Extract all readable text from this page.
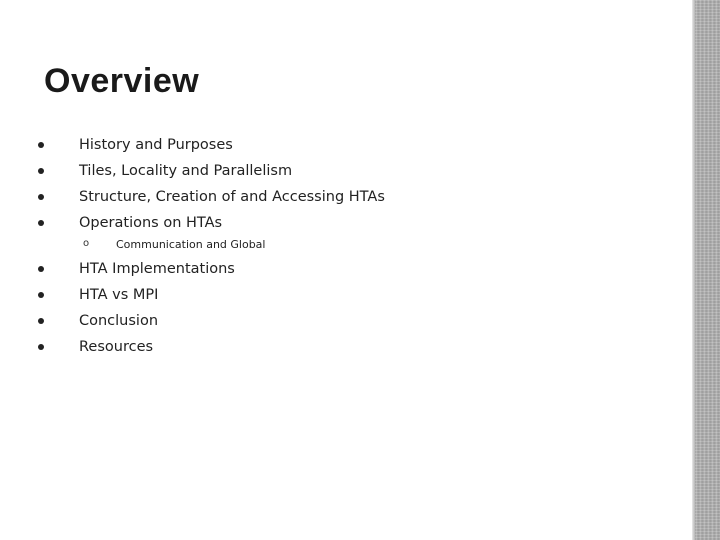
Overview
History and Purposes
Tiles, Locality and Parallelism
Structure, Creation of and Accessing HTAs
Operations on HTAs
o Communication and Global
HTA Implementations
HTA vs MPI
Conclusion
Resources
